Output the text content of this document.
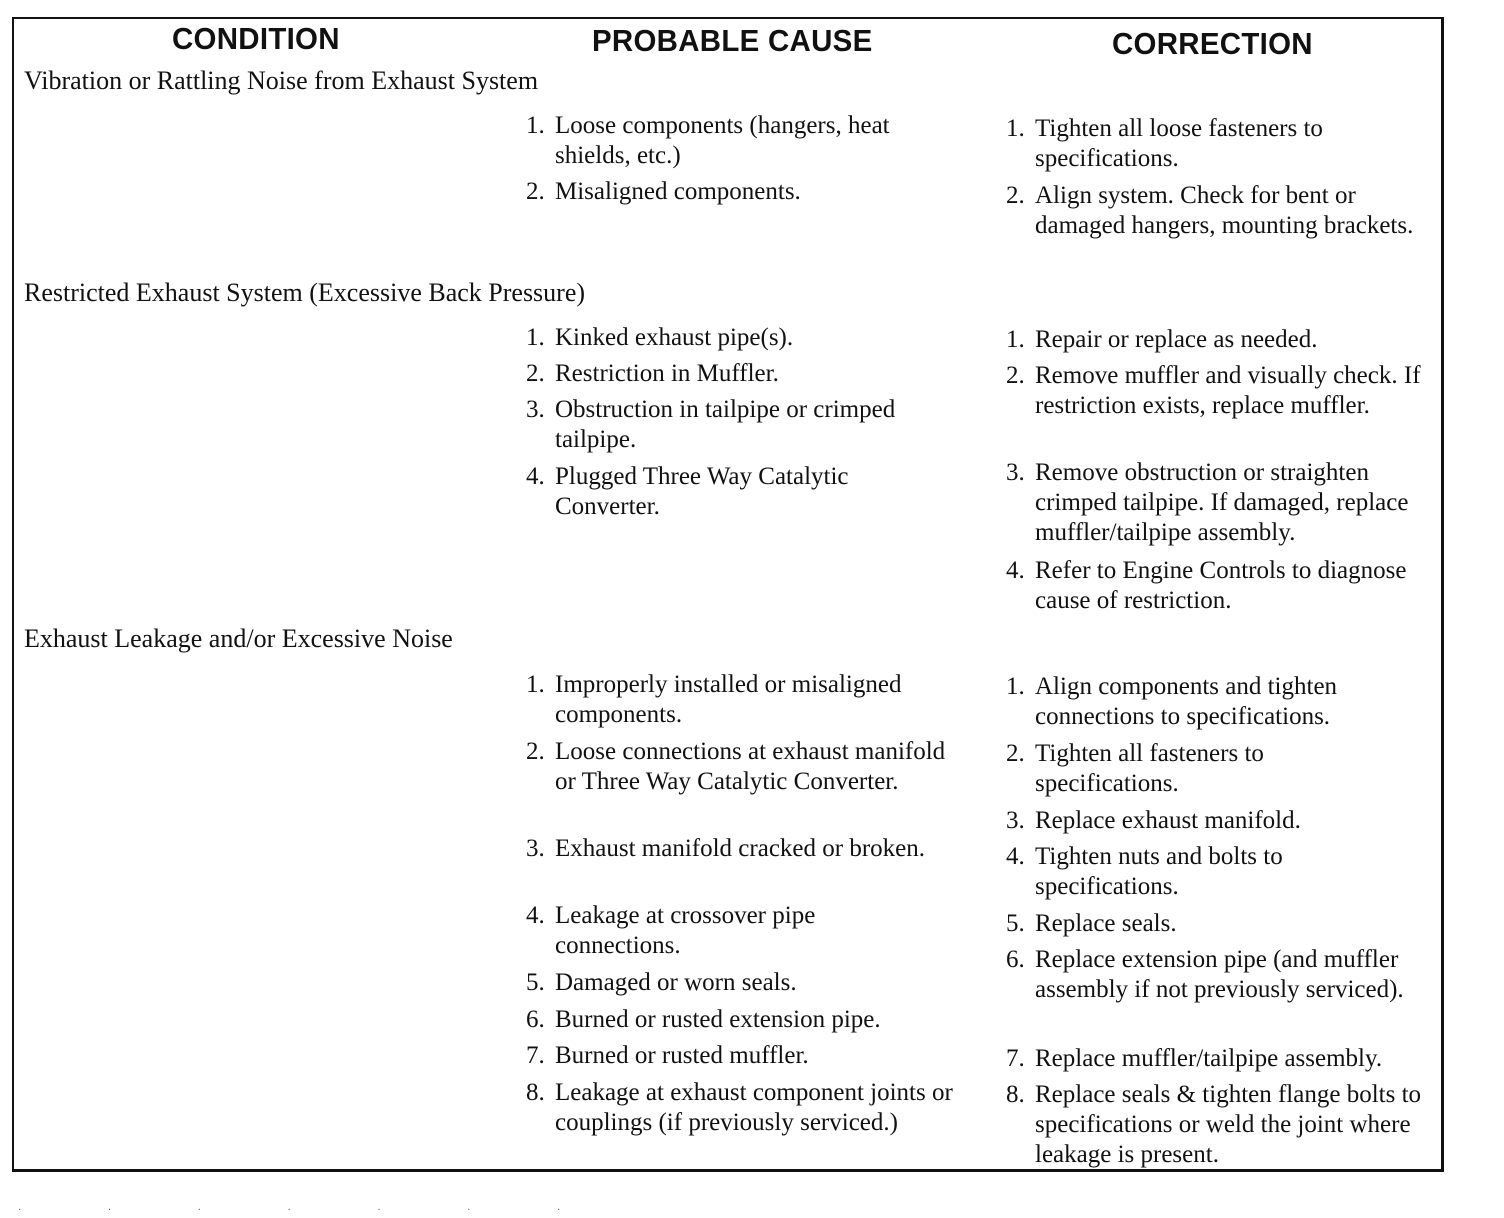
CONDITION	PROBABLE CAUSE	CORRECTION
Vibration or Rattling Noise from Exhaust System
1. Loose components (hangers, heat shields, etc.)
2. Misaligned components.
1. Tighten all loose fasteners to specifications.
2. Align system. Check for bent or damaged hangers, mounting brackets.
Restricted Exhaust System (Excessive Back Pressure)
1. Kinked exhaust pipe(s).
2. Restriction in Muffler.
3. Obstruction in tailpipe or crimped tailpipe.
4. Plugged Three Way Catalytic Converter.
1. Repair or replace as needed.
2. Remove muffler and visually check. If restriction exists, replace muffler.
3. Remove obstruction or straighten crimped tailpipe. If damaged, replace muffler/tailpipe assembly.
4. Refer to Engine Controls to diagnose cause of restriction.
Exhaust Leakage and/or Excessive Noise
1. Improperly installed or misaligned components.
2. Loose connections at exhaust manifold or Three Way Catalytic Converter.
3. Exhaust manifold cracked or broken.
4. Leakage at crossover pipe connections.
5. Damaged or worn seals.
6. Burned or rusted extension pipe.
7. Burned or rusted muffler.
8. Leakage at exhaust component joints or couplings (if previously serviced.)
1. Align components and tighten connections to specifications.
2. Tighten all fasteners to specifications.
3. Replace exhaust manifold.
4. Tighten nuts and bolts to specifications.
5. Replace seals.
6. Replace extension pipe (and muffler assembly if not previously serviced).
7. Replace muffler/tailpipe assembly.
8. Replace seals & tighten flange bolts to specifications or weld the joint where leakage is present.
· · · · · · ·
